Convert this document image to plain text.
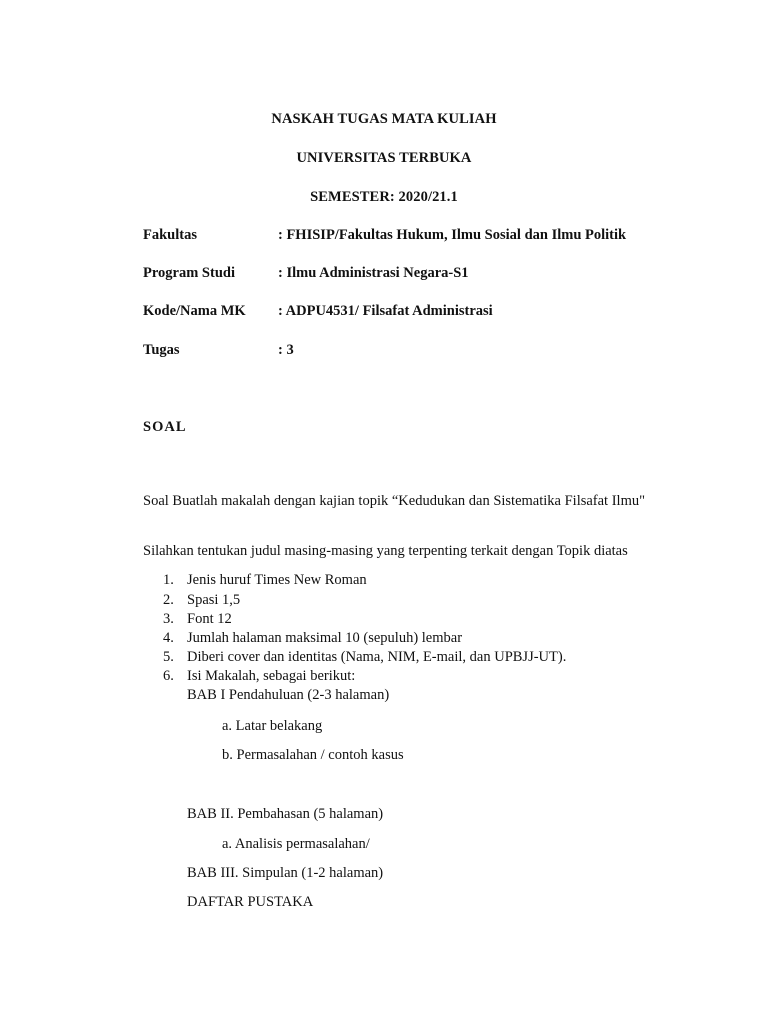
NASKAH TUGAS MATA KULIAH
UNIVERSITAS TERBUKA
SEMESTER: 2020/21.1
Fakultas	: FHISIP/Fakultas Hukum, Ilmu Sosial dan Ilmu Politik
Program Studi	: Ilmu Administrasi Negara-S1
Kode/Nama MK : ADPU4531/ Filsafat Administrasi
Tugas	: 3
SOAL
Soal Buatlah makalah dengan kajian topik “Kedudukan dan Sistematika Filsafat Ilmu"
Silahkan tentukan judul masing-masing yang terpenting terkait dengan Topik diatas
1. Jenis huruf Times New Roman
2. Spasi 1,5
3. Font 12
4. Jumlah halaman maksimal 10 (sepuluh) lembar
5. Diberi cover dan identitas (Nama, NIM, E-mail, dan UPBJJ-UT).
6. Isi Makalah, sebagai berikut:
BAB I Pendahuluan (2-3 halaman)
a. Latar belakang
b. Permasalahan / contoh kasus
BAB II. Pembahasan (5 halaman)
a. Analisis permasalahan/
BAB III. Simpulan (1-2 halaman)
DAFTAR PUSTAKA
